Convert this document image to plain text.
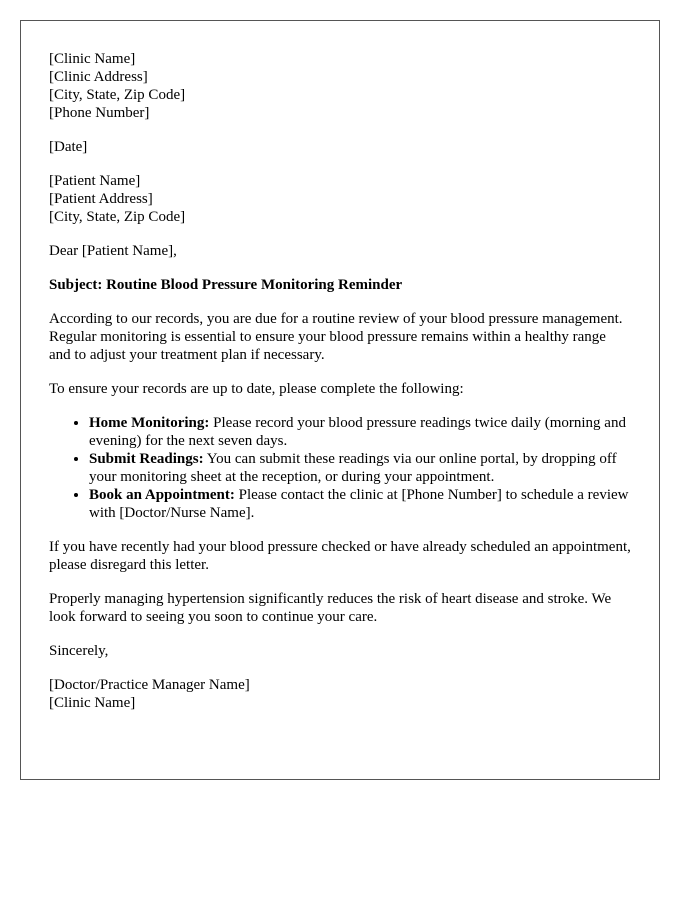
[Clinic Name]
[Clinic Address]
[City, State, Zip Code]
[Phone Number]

[Date]

[Patient Name]
[Patient Address]
[City, State, Zip Code]

Dear [Patient Name],

Subject: Routine Blood Pressure Monitoring Reminder

According to our records, you are due for a routine review of your blood pressure management. Regular monitoring is essential to ensure your blood pressure remains within a healthy range and to adjust your treatment plan if necessary.

To ensure your records are up to date, please complete the following:

• Home Monitoring: Please record your blood pressure readings twice daily (morning and evening) for the next seven days.
• Submit Readings: You can submit these readings via our online portal, by dropping off your monitoring sheet at the reception, or during your appointment.
• Book an Appointment: Please contact the clinic at [Phone Number] to schedule a review with [Doctor/Nurse Name].

If you have recently had your blood pressure checked or have already scheduled an appointment, please disregard this letter.

Properly managing hypertension significantly reduces the risk of heart disease and stroke. We look forward to seeing you soon to continue your care.

Sincerely,

[Doctor/Practice Manager Name]
[Clinic Name]
